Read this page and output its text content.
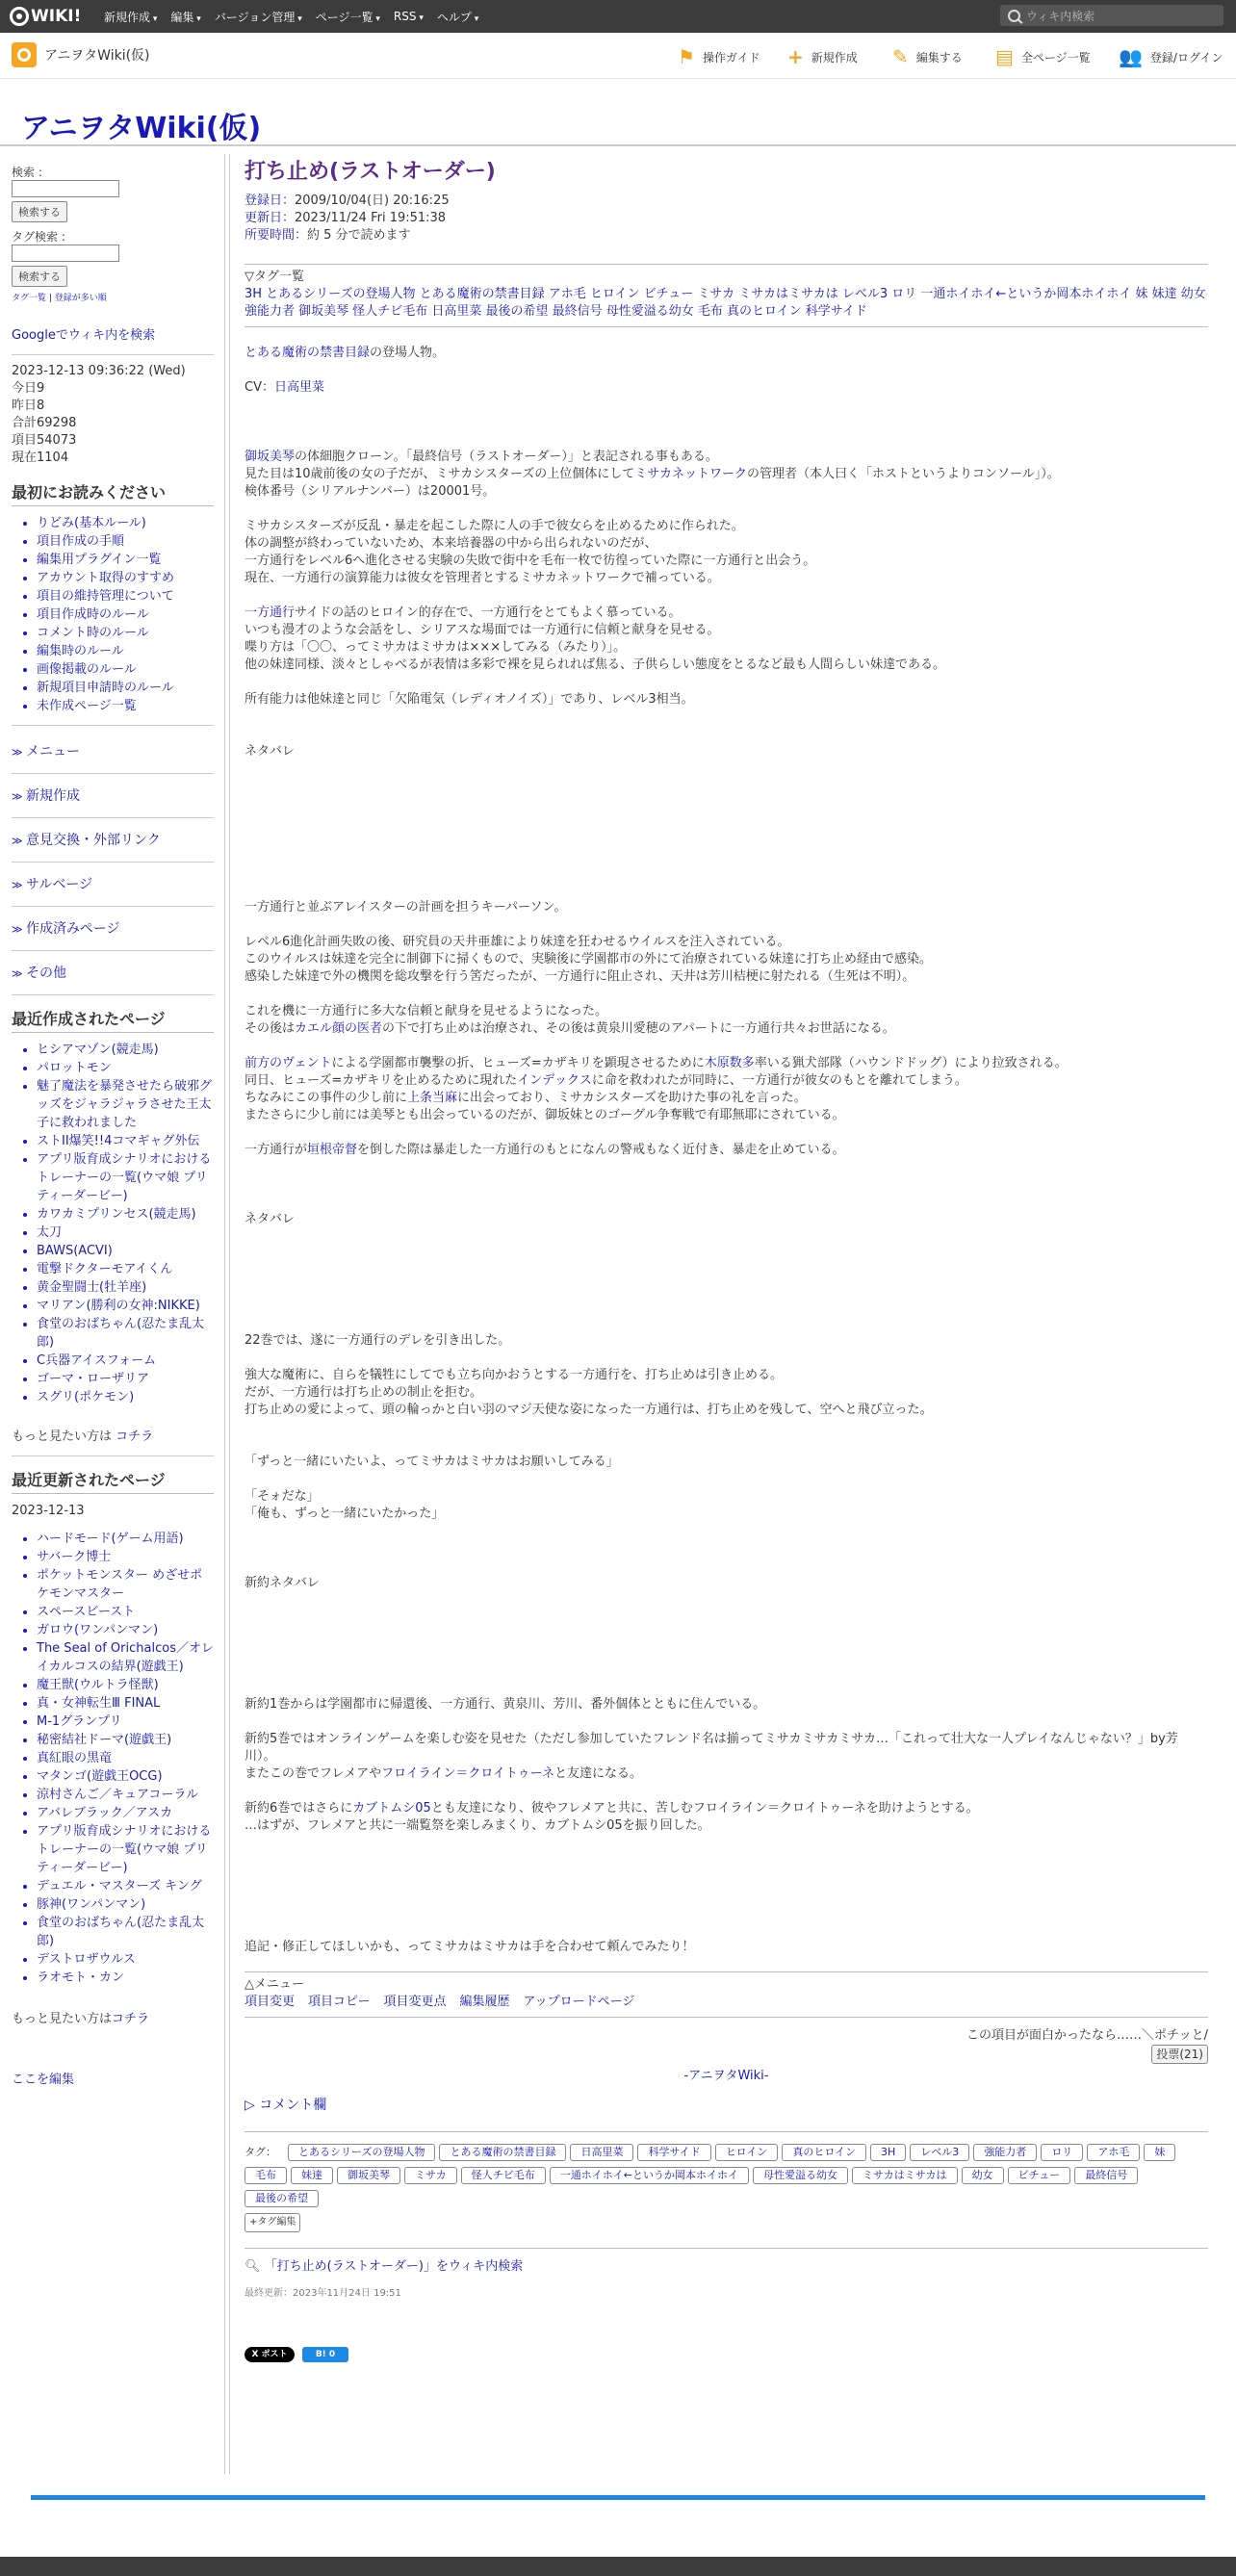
WIKI! 新規作成 ▾	編集 ▾	バージョン管理 ▾	ページ一覧 ▾	RSS ▾	ヘルプ ▾	ウィキ内検索
アニヲタWiki(仮)	⚑ 操作ガイド + 新規作成 ✎ 編集する ▤ 全ページ一覧 👥 登録/ログイン
アニヲタWiki(仮)
検索 :
検索する
タグ検索 :
検索する
タグ一覧 | 登録が多い順
Googleでウィキ内を検索
2023-12-13 09:36:22 (Wed)
今日9
昨日8
合計69298
項目54073
現在1104
最初にお読みください
• りどみ(基本ルール)
• 項目作成の手順
• 編集用プラグイン一覧
• アカウント取得のすすめ
• 項目の維持管理について
• 項目作成時のルール
• コメント時のルール
• 編集時のルール
• 画像掲載のルール
• 新規項目申請時のルール
• 未作成ページ一覧
≫ メニュー
≫ 新規作成
≫ 意見交換・外部リンク
≫ サルベージ
≫ 作成済みページ
≫ その他
最近作成されたページ
• ヒシアマゾン(競走馬)
• パロットモン
• 魅了魔法を暴発させたら破邪グッズをジャラジャラさせた王太子に救われました
• ストII爆笑!!4コマギャグ外伝
• アプリ版育成シナリオにおけるトレーナーの一覧(ウマ娘 プリティーダービー)
• カワカミプリンセス(競走馬)
• 太刀
• BAWS(ACVI)
• 電撃ドクターモアイくん
• 黄金聖闘士(牡羊座)
• マリアン(勝利の女神:NIKKE)
• 食堂のおばちゃん(忍たま乱太郎)
• C兵器アイスフォーム
• ゴーマ・ローザリア
• スグリ(ポケモン)
もっと見たい方は コチラ
最近更新されたページ
2023-12-13
• ハードモード(ゲーム用語)
• サバーク博士
• ポケットモンスター めざせポケモンマスター
• スペースビースト
• ガロウ(ワンパンマン)
• The Seal of Orichalcos／オレイカルコスの結界(遊戯王)
• 魔王獣(ウルトラ怪獣)
• 真・女神転生Ⅲ FINAL
• M-1グランプリ
• 秘密結社ドーマ(遊戯王)
• 真紅眼の黒竜
• マタンゴ(遊戯王OCG)
• 涼村さんご／キュアコーラル
• アバレブラック／アスカ
• アプリ版育成シナリオにおけるトレーナーの一覧(ウマ娘 プリティーダービー)
• デュエル・マスターズ キング
• 豚神(ワンパンマン)
• 食堂のおばちゃん(忍たま乱太郎)
• デストロザウルス
• ラオモト・カン
もっと見たい方はコチラ
ここを編集
打ち止め(ラストオーダー)
登録日：2009/10/04(日) 20:16:25
更新日：2023/11/24 Fri 19:51:38
所要時間：約 5 分で読めます
▽タグ一覧
3H とあるシリーズの登場人物 とある魔術の禁書目録 アホ毛 ヒロイン ビチュー ミサカ ミサカはミサカは レベル3 ロリ 一通ホイホイ←というか岡本ホイホイ 妹 妹達 幼女 強能力者 御坂美琴 怪人チビ毛布 日高里菜 最後の希望 最終信号 母性愛溢る幼女 毛布 真のヒロイン 科学サイド
とある魔術の禁書目録の登場人物。
CV：日高里菜
御坂美琴の体細胞クローン。「最終信号（ラストオーダー）」と表記される事もある。
見た目は10歳前後の女の子だが、ミサカシスターズの上位個体にしてミサカネットワークの管理者（本人曰く「ホストというよりコンソール」）。
検体番号（シリアルナンバー）は20001号。
ミサカシスターズが反乱・暴走を起こした際に人の手で彼女らを止めるために作られた。
体の調整が終わっていないため、本来培養器の中から出られないのだが、
一方通行をレベル6へ進化させる実験の失敗で街中を毛布一枚で彷徨っていた際に一方通行と出会う。
現在、一方通行の演算能力は彼女を管理者とするミサカネットワークで補っている。
一方通行サイドの話のヒロイン的存在で、一方通行をとてもよく慕っている。
いつも漫才のような会話をし、シリアスな場面では一方通行に信頼と献身を見せる。
喋り方は「〇〇、ってミサカはミサカは×××してみる（みたり）」。
他の妹達同様、淡々としゃべるが表情は多彩で裸を見られれば焦る、子供らしい態度をとるなど最も人間らしい妹達である。
所有能力は他妹達と同じ「欠陥電気（レディオノイズ）」であり、レベル3相当。
ネタバレ
一方通行と並ぶアレイスターの計画を担うキーパーソン。
レベル6進化計画失敗の後、研究員の天井亜雄により妹達を狂わせるウイルスを注入されている。
このウイルスは妹達を完全に制御下に掃くもので、実験後に学園都市の外にて治療されている妹達に打ち止め経由で感染。
感染した妹達で外の機関を総攻撃を行う筈だったが、一方通行に阻止され、天井は芳川桔梗に射たれる（生死は不明）。
これを機に一方通行に多大な信頼と献身を見せるようになった。
その後はカエル顔の医者の下で打ち止めは治療され、その後は黄泉川愛穂のアパートに一方通行共々お世話になる。
前方のヴェントによる学園都市襲撃の折、ヒューズ=カザキリを顕現させるために木原数多率いる猟犬部隊（ハウンドドッグ）により拉致される。
同日、ヒューズ=カザキリを止めるために現れたインデックスに命を救われたが同時に、一方通行が彼女のもとを離れてしまう。
ちなみにこの事件の少し前に上条当麻に出会っており、ミサカシスターズを助けた事の礼を言った。
またさらに少し前には美琴とも出会っているのだが、御坂妹とのゴーグル争奪戦で有耶無耶にされている。
一方通行が垣根帝督を倒した際は暴走した一方通行のもとになんの警戒もなく近付き、暴走を止めている。
ネタバレ
22巻では、遂に一方通行のデレを引き出した。
強大な魔術に、自らを犠牲にしてでも立ち向かおうとする一方通行を、打ち止めは引き止める。
だが、一方通行は打ち止めの制止を拒む。
打ち止めの愛によって、頭の輪っかと白い羽のマジ天使な姿になった一方通行は、打ち止めを残して、空へと飛び立った。
「ずっと一緒にいたいよ、ってミサカはミサカはお願いしてみる」
「そォだな」
「俺も、ずっと一緒にいたかった」
新約ネタバレ
新約1巻からは学園都市に帰還後、一方通行、黄泉川、芳川、番外個体とともに住んでいる。
新約5巻ではオンラインゲームを楽しむ姿を見せた（ただし参加していたフレンド名は揃ってミサカミサカミサカ…「これって壮大な一人プレイなんじゃない？」by芳川）。
またこの巻でフレメアやフロイライン＝クロイトゥーネと友達になる。
新約6巻ではさらにカブトムシ05とも友達になり、彼やフレメアと共に、苦しむフロイライン＝クロイトゥーネを助けようとする。
…はずが、フレメアと共に一端覧祭を楽しみまくり、カブトムシ05を振り回した。
追記・修正してほしいかも、ってミサカはミサカは手を合わせて頼んでみたり！
△メニュー
項目変更 項目コピー 項目変更点 編集履歴 アップロードページ
この項目が面白かったなら……＼ポチッと/
投票(21)
-アニヲタWiki-
▷ コメント欄
タグ：	とあるシリーズの登場人物	とある魔術の禁書目録	日高里菜	科学サイド	ヒロイン	真のヒロイン	3H	レベル3	強能力者	ロリ	アホ毛	妹
毛布	妹達	御坂美琴	ミサカ	怪人チビ毛布	一通ホイホイ←というか岡本ホイホイ	母性愛溢る幼女	ミサカはミサカは	幼女	ビチュー	最終信号
最後の希望
+タグ編集
🔍︎ 「打ち止め(ラストオーダー)」をウィキ内検索
最終更新：2023年11月24日 19:51
X ポスト	B! 0
